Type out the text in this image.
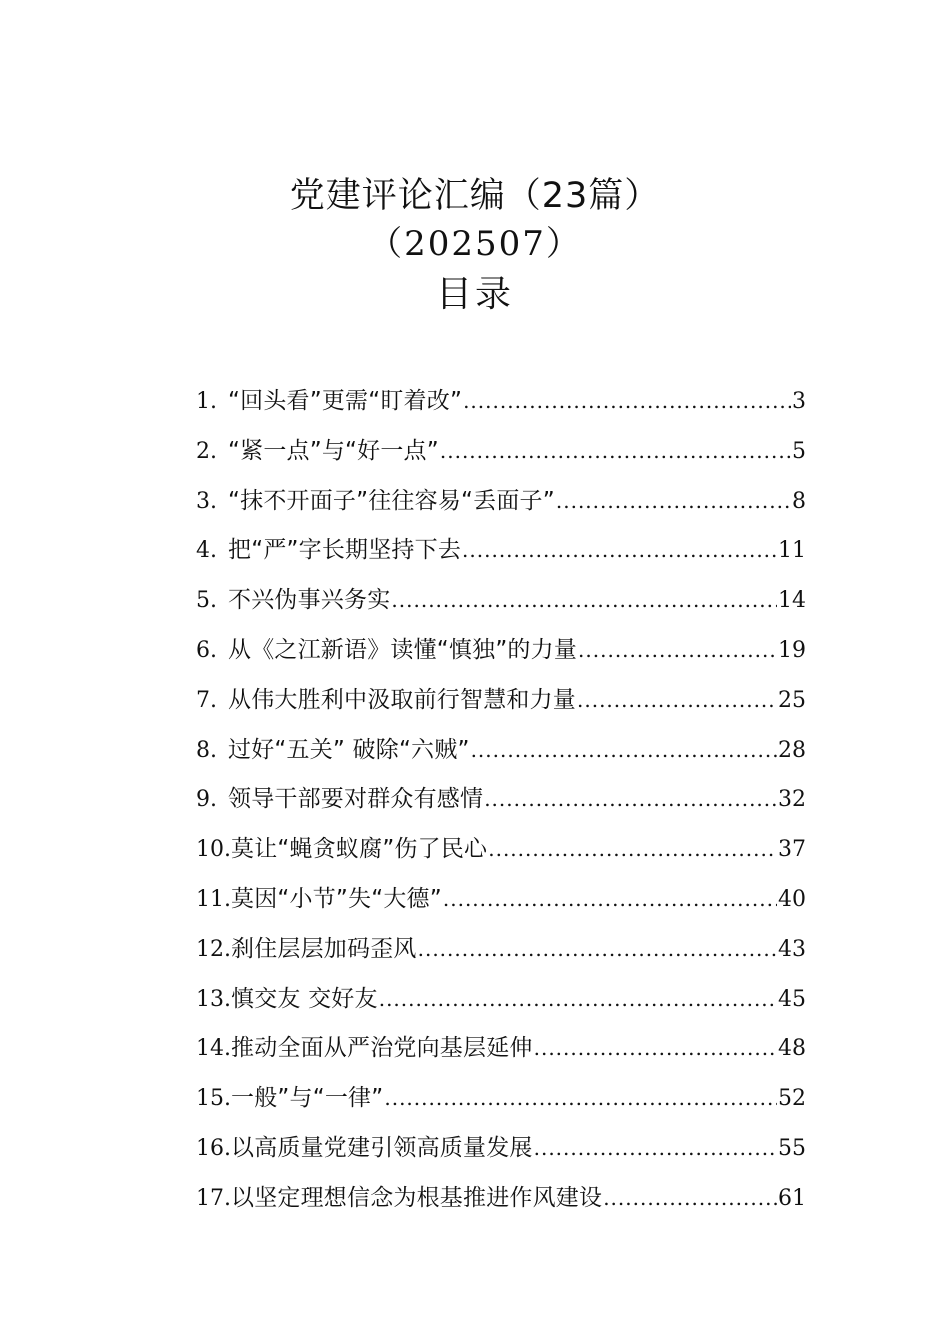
党建评论汇编（23篇）
（202507）
目录
1. “回头看”更需“盯着改” .....	3
2. “紧一点”与“好一点” .....	5
3. “抹不开面子”往往容易“丢面子” .....	8
4. 把“严”字长期坚持下去 .....	11
5. 不兴伪事兴务实 .....	14
6. 从《之江新语》读懂“慎独”的力量 .....	19
7. 从伟大胜利中汲取前行智慧和力量 .....	25
8. 过好“五关” 破除“六贼” .....	28
9. 领导干部要对群众有感情 .....	32
10. 莫让“蝇贪蚁腐”伤了民心 .....	37
11. 莫因“小节”失“大德” .....	40
12. 刹住层层加码歪风 .....	43
13. 慎交友 交好友 .....	45
14. 推动全面从严治党向基层延伸 .....	48
15. 一般”与“一律” .....	52
16. 以高质量党建引领高质量发展 .....	55
17. 以坚定理想信念为根基推进作风建设 .....	61
